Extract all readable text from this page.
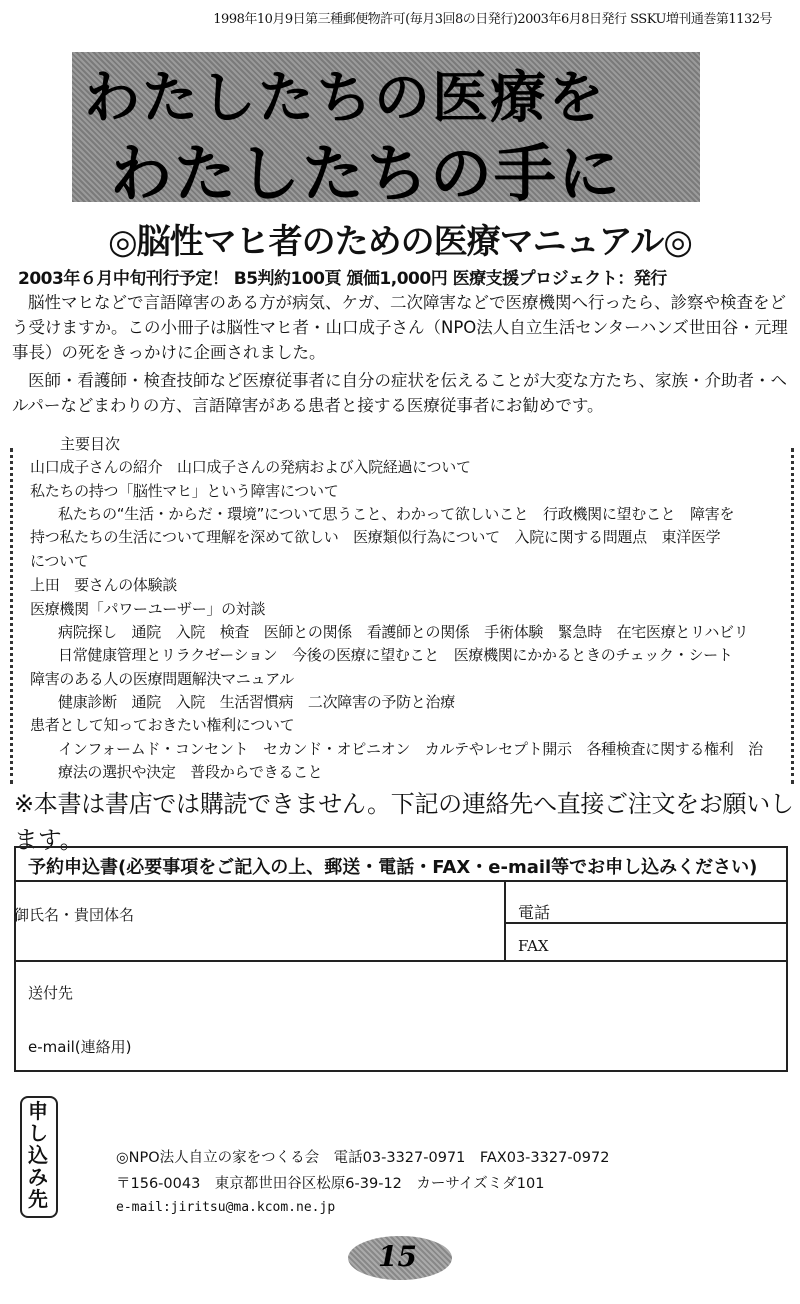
1998年10月9日第三種郵便物許可(毎月3回8の日発行)2003年6月8日発行 SSKU増刊通巻第1132号
わたしたちの医療を
わたしたちの手に
◎脳性マヒ者のための医療マニュアル◎
2003年６月中旬刊行予定！ B5判約100頁 頒価1,000円 医療支援プロジェクト：発行
脳性マヒなどで言語障害のある方が病気、ケガ、二次障害などで医療機関へ行ったら、診察や検査をどう受けますか。この小冊子は脳性マヒ者・山口成子さん（NPO法人自立生活センターハンズ世田谷・元理事長）の死をきっかけに企画されました。
医師・看護師・検査技師など医療従事者に自分の症状を伝えることが大変な方たち、家族・介助者・ヘルパーなどまわりの方、言語障害がある患者と接する医療従事者にお勧めです。
主要目次
山口成子さんの紹介　山口成子さんの発病および入院経過について
私たちの持つ「脳性マヒ」という障害について
私たちの“生活・からだ・環境”について思うこと、わかって欲しいこと　行政機関に望むこと　障害を
持つ私たちの生活について理解を深めて欲しい　医療類似行為について　入院に関する問題点　東洋医学
について
上田　要さんの体験談
医療機関「パワーユーザー」の対談
病院探し　通院　入院　検査　医師との関係　看護師との関係　手術体験　緊急時　在宅医療とリハビリ
日常健康管理とリラクゼーション　今後の医療に望むこと　医療機関にかかるときのチェック・シート
障害のある人の医療問題解決マニュアル
健康診断　通院　入院　生活習慣病　二次障害の予防と治療
患者として知っておきたい権利について
インフォームド・コンセント　セカンド・オピニオン　カルテやレセプト開示　各種検査に関する権利　治
療法の選択や決定　普段からできること
※本書は書店では購読できません。下記の連絡先へ直接ご注文をお願いします。
予約申込書(必要事項をご記入の上、郵送・電話・FAX・e-mail等でお申し込みください)
御氏名・貴団体名	電話
FAX
送付先
e-mail(連絡用)
申し込み先
◎NPO法人自立の家をつくる会　電話03-3327-0971　FAX03-3327-0972
〒156-0043　東京都世田谷区松原6-39-12　カーサイズミダ101
e-mail:jiritsu@ma.kcom.ne.jp
15
